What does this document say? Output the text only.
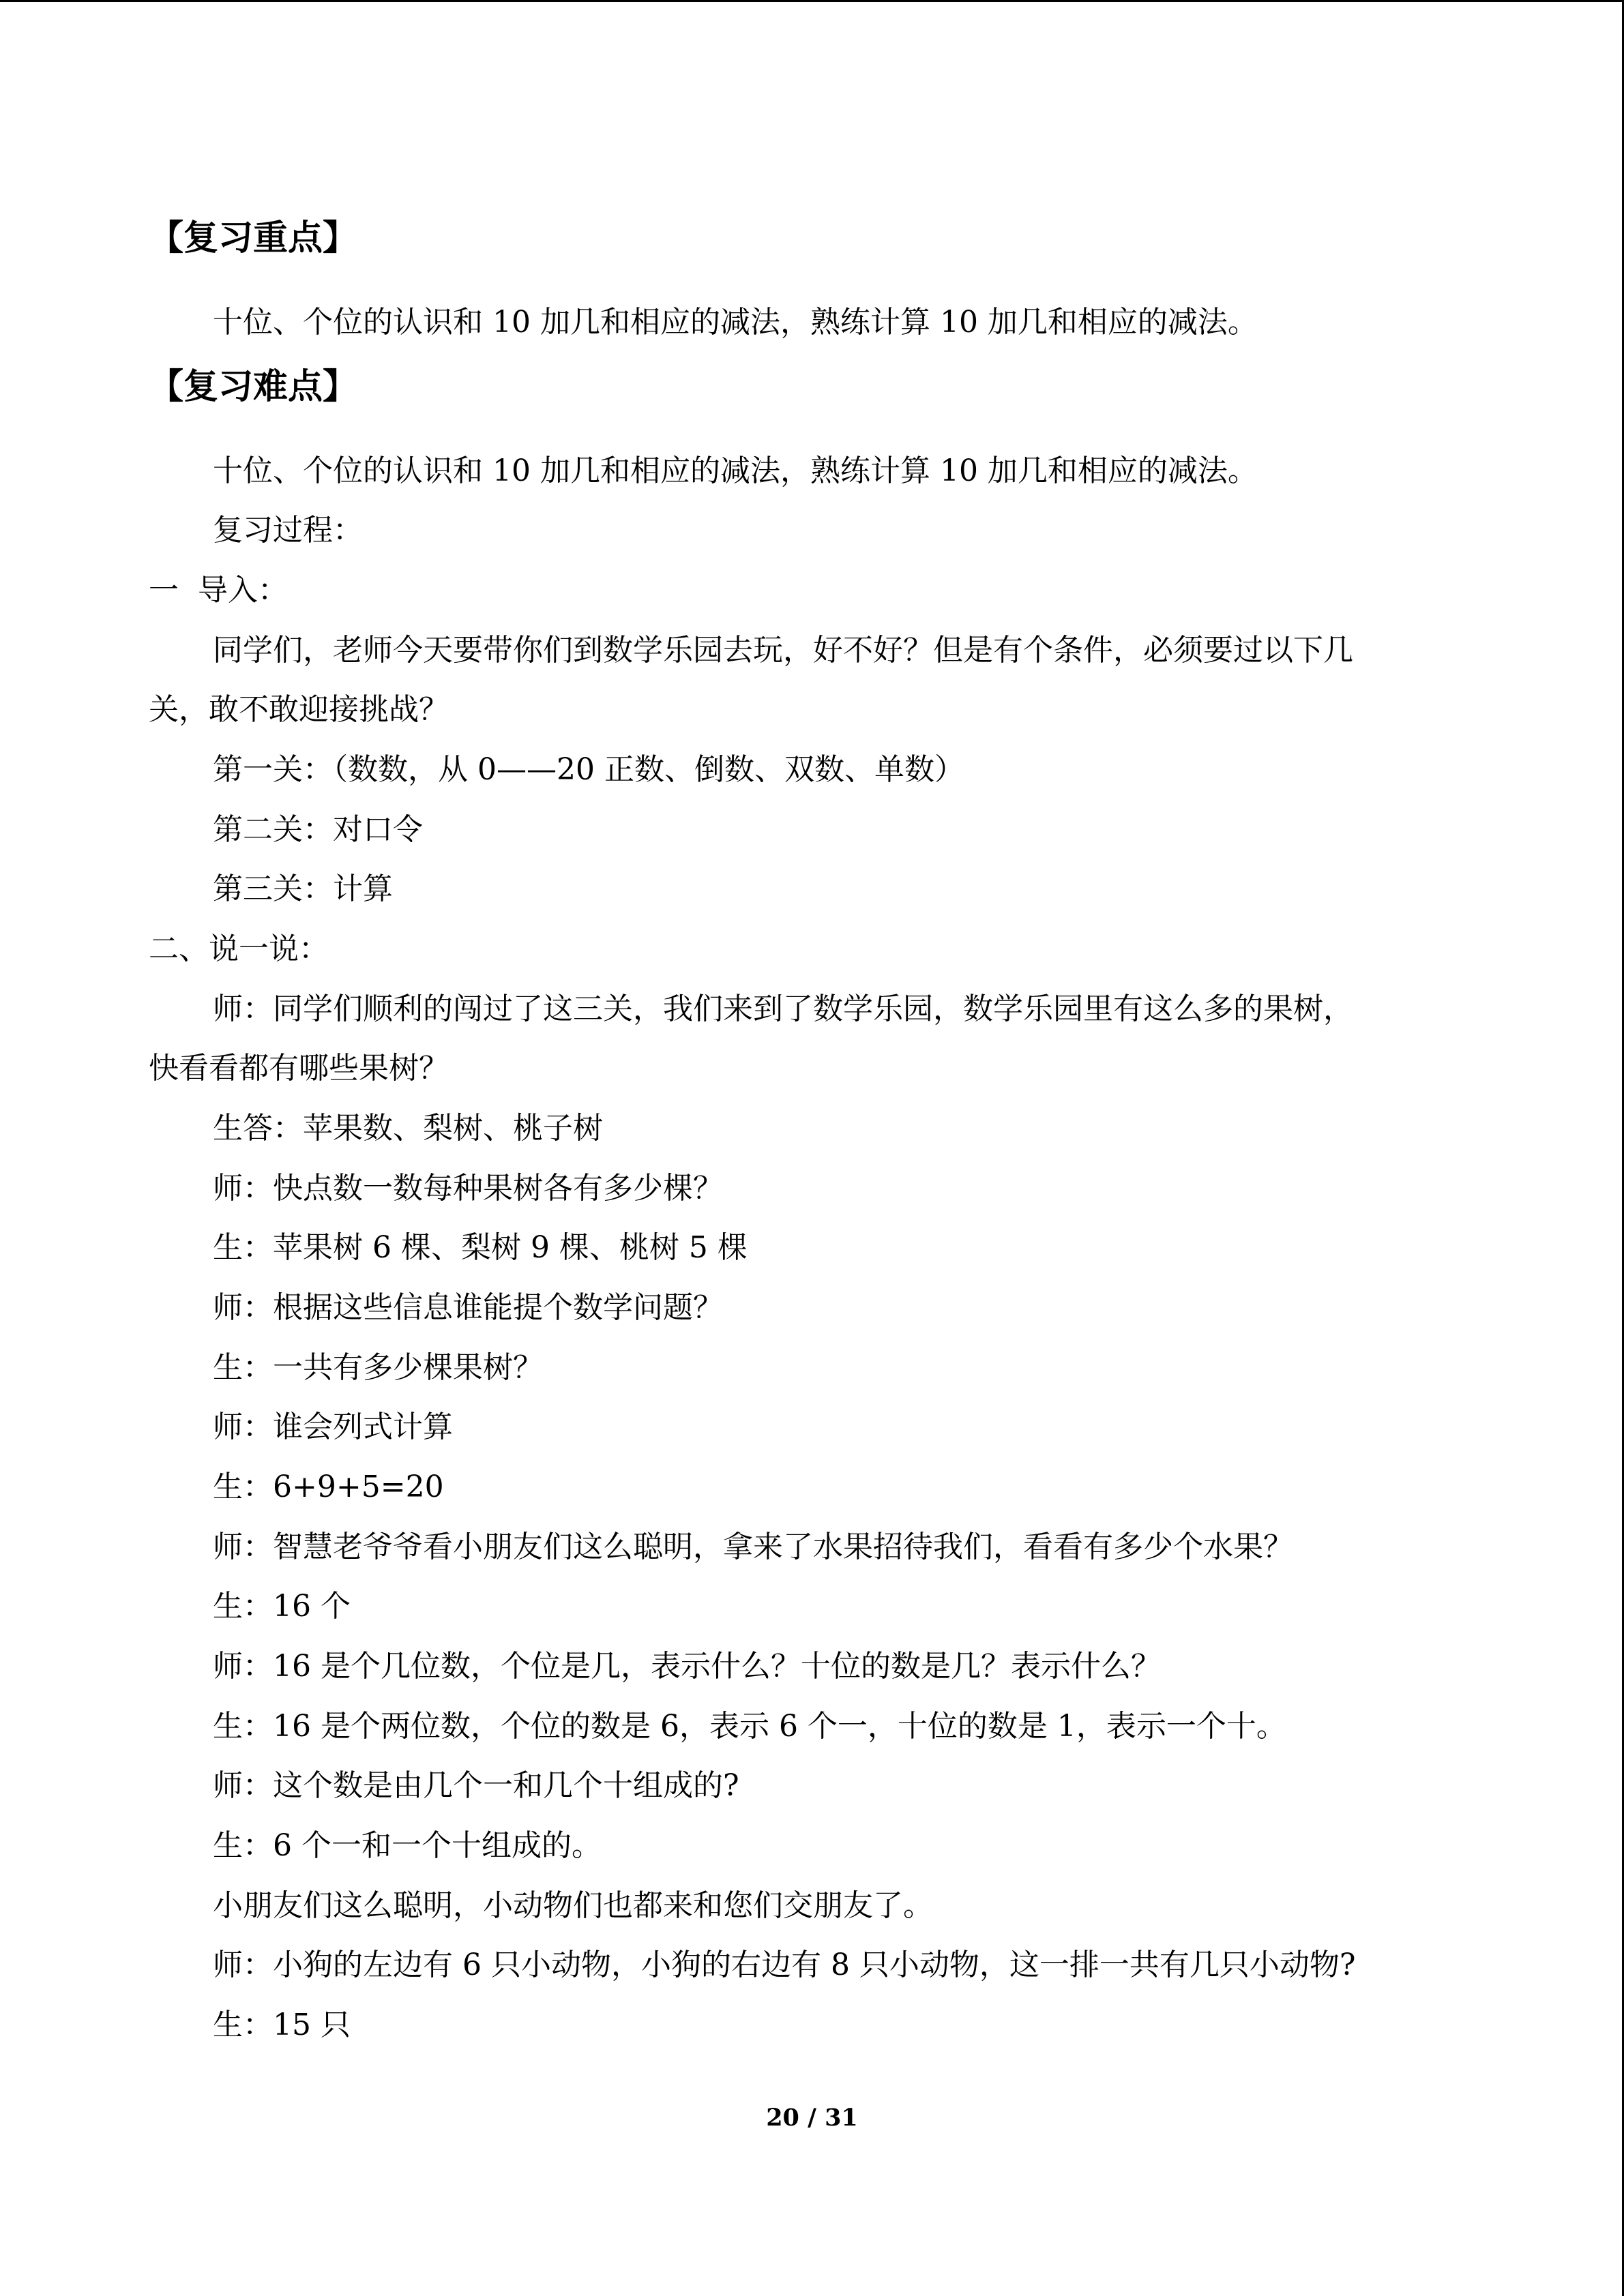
【复习重点】

十位、个位的认识和 10 加几和相应的减法，熟练计算 10 加几和相应的减法。

【复习难点】

十位、个位的认识和 10 加几和相应的减法，熟练计算 10 加几和相应的减法。

复习过程：

一  导入：

同学们，老师今天要带你们到数学乐园去玩，好不好？但是有个条件，必须要过以下几

关，敢不敢迎接挑战？

第一关：（数数，从 0——20 正数、倒数、双数、单数）

第二关：对口令

第三关：计算

二、说一说：

师：同学们顺利的闯过了这三关，我们来到了数学乐园，数学乐园里有这么多的果树，

快看看都有哪些果树？

生答：苹果数、梨树、桃子树

师：快点数一数每种果树各有多少棵？

生：苹果树 6 棵、梨树 9 棵、桃树 5 棵

师：根据这些信息谁能提个数学问题？

生：一共有多少棵果树？

师：谁会列式计算

生：6+9+5=20

师：智慧老爷爷看小朋友们这么聪明，拿来了水果招待我们，看看有多少个水果？

生：16 个

师：16 是个几位数，个位是几，表示什么？十位的数是几？表示什么？

生：16 是个两位数，个位的数是 6，表示 6 个一，十位的数是 1，表示一个十。

师：这个数是由几个一和几个十组成的?

生：6 个一和一个十组成的。

小朋友们这么聪明，小动物们也都来和您们交朋友了。

师：小狗的左边有 6 只小动物，小狗的右边有 8 只小动物，这一排一共有几只小动物?

生：15 只

20 / 31
